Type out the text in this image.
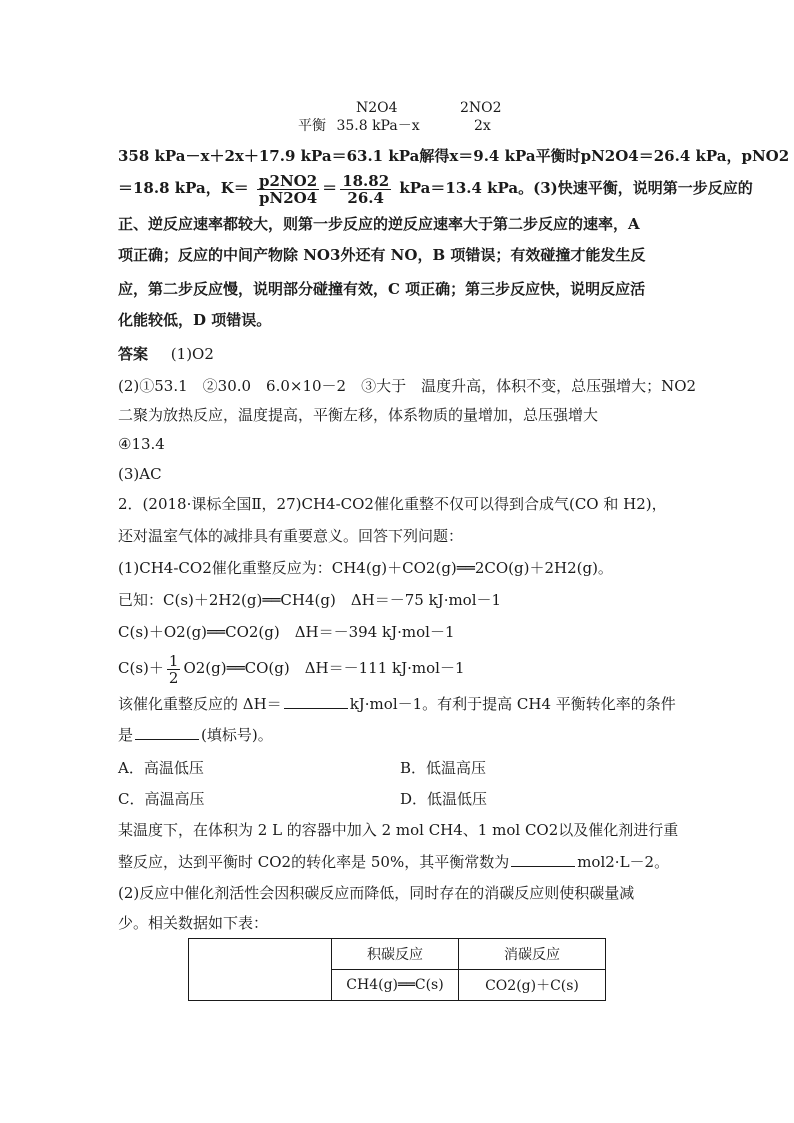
N2O4	2NO2
平衡 35.8 kPa－x	2x
358 kPa－x＋2x＋17.9 kPa＝63.1 kPa解得x＝9.4 kPa平衡时pN2O4＝26.4 kPa，pNO2
＝18.8 kPa，$K= \frac{p2NO2}{pN2O4} = \frac{18.82}{26.4} kPa=13.4$ kPa。(3)快速平衡，说明第一步反应的
正、逆反应速率都较大，则第一步反应的逆反应速率大于第二步反应的速率，A
项正确；反应的中间产物除 NO3外还有 NO，B 项错误；有效碰撞才能发生反
应，第二步反应慢，说明部分碰撞有效，C 项正确；第三步反应快，说明反应活
化能较低，D 项错误。
答案 (1)O2
(2)①53.1　②30.0　6.0×10－2　③大于　温度升高，体积不变，总压强增大；NO2
二聚为放热反应，温度提高，平衡左移，体系物质的量增加，总压强增大
④13.4
(3)AC
2．(2018·课标全国Ⅱ，27)CH4-CO2催化重整不仅可以得到合成气(CO 和 H2)，
还对温室气体的减排具有重要意义。回答下列问题：
(1)CH4-CO2催化重整反应为：CH4(g)＋CO2(g)══2CO(g)＋2H2(g)。
已知：C(s)＋2H2(g)══CH4(g)　ΔH＝－75 kJ·mol－1
C(s)＋O2(g)══CO2(g)　ΔH＝－394 kJ·mol－1
$C(s)+ \frac{1}{2}$ O2(g)══CO(g)　ΔH＝－111 kJ·mol－1
该催化重整反应的 ΔH＝	kJ·mol－1。有利于提高 CH4 平衡转化率的条件
是	(填标号)。
A．高温低压	B．低温高压
C．高温高压	D．低温低压
某温度下，在体积为 2 L 的容器中加入 2 mol CH4、1 mol CO2以及催化剂进行重
整反应，达到平衡时 CO2的转化率是 50%，其平衡常数为	mol2·L－2。
(2)反应中催化剂活性会因积碳反应而降低，同时存在的消碳反应则使积碳量减
少。相关数据如下表：
	积碳反应	消碳反应
	CH4(g)══C(s)	CO2(g)＋C(s)
